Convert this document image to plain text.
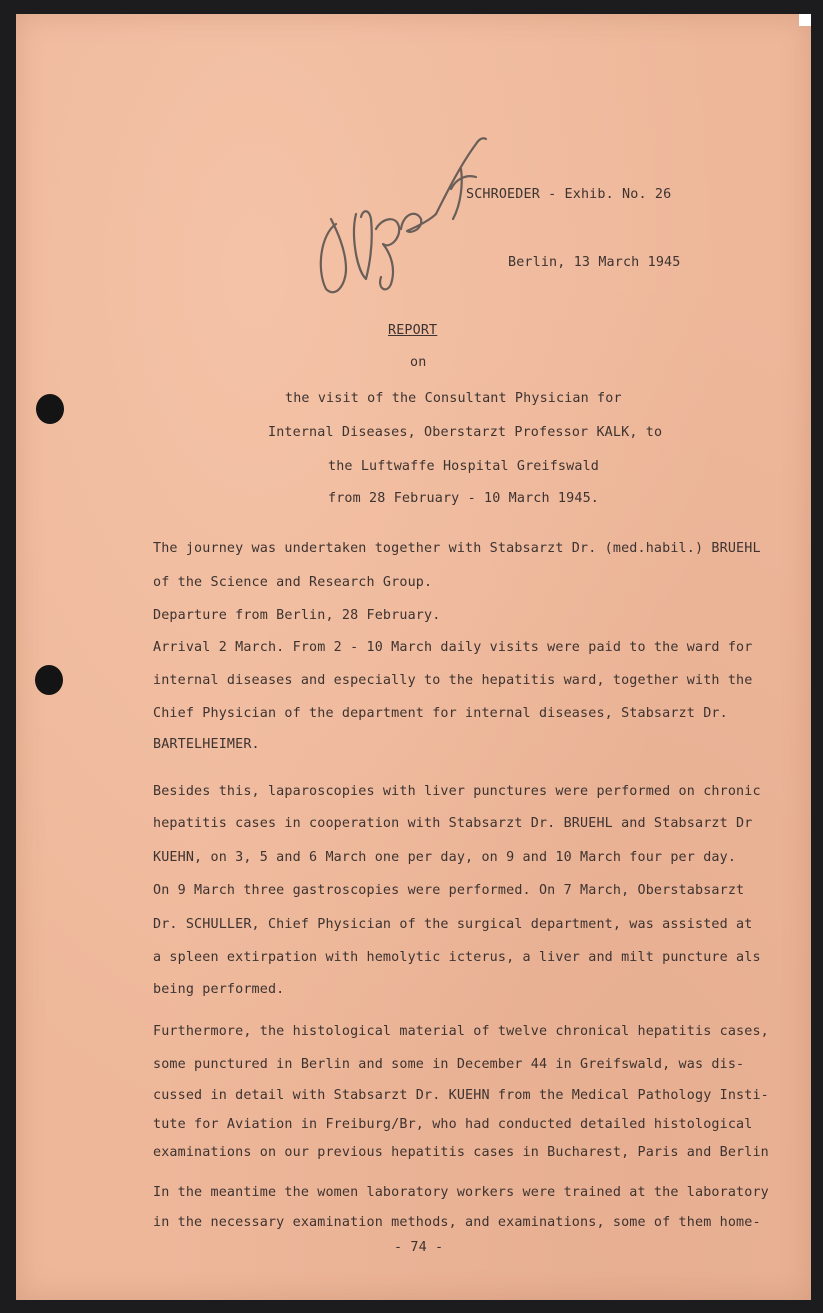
SCHROEDER - Exhib. No. 26
Berlin, 13 March 1945
REPORT
on
the visit of the Consultant Physician for
Internal Diseases, Oberstarzt Professor KALK, to
the Luftwaffe Hospital Greifswald
from 28 February - 10 March 1945.
The journey was undertaken together with Stabsarzt Dr. (med.habil.) BRUEHL
of the Science and Research Group.
Departure from Berlin, 28 February.
Arrival 2 March. From 2 - 10 March daily visits were paid to the ward for
internal diseases and especially to the hepatitis ward, together with the
Chief Physician of the department for internal diseases, Stabsarzt Dr.
BARTELHEIMER.
Besides this, laparoscopies with liver punctures were performed on chronic
hepatitis cases in cooperation with Stabsarzt Dr. BRUEHL and Stabsarzt Dr
KUEHN, on 3, 5 and 6 March one per day, on 9 and 10 March four per day.
On 9 March three gastroscopies were performed. On 7 March, Oberstabsarzt
Dr. SCHULLER, Chief Physician of the surgical department, was assisted at
a spleen extirpation with hemolytic icterus, a liver and milt puncture als
being performed.
Furthermore, the histological material of twelve chronical hepatitis cases,
some punctured in Berlin and some in December 44 in Greifswald, was dis-
cussed in detail with Stabsarzt Dr. KUEHN from the Medical Pathology Insti-
tute for Aviation in Freiburg/Br, who had conducted detailed histological
examinations on our previous hepatitis cases in Bucharest, Paris and Berlin
In the meantime the women laboratory workers were trained at the laboratory
in the necessary examination methods, and examinations, some of them home-
- 74 -
